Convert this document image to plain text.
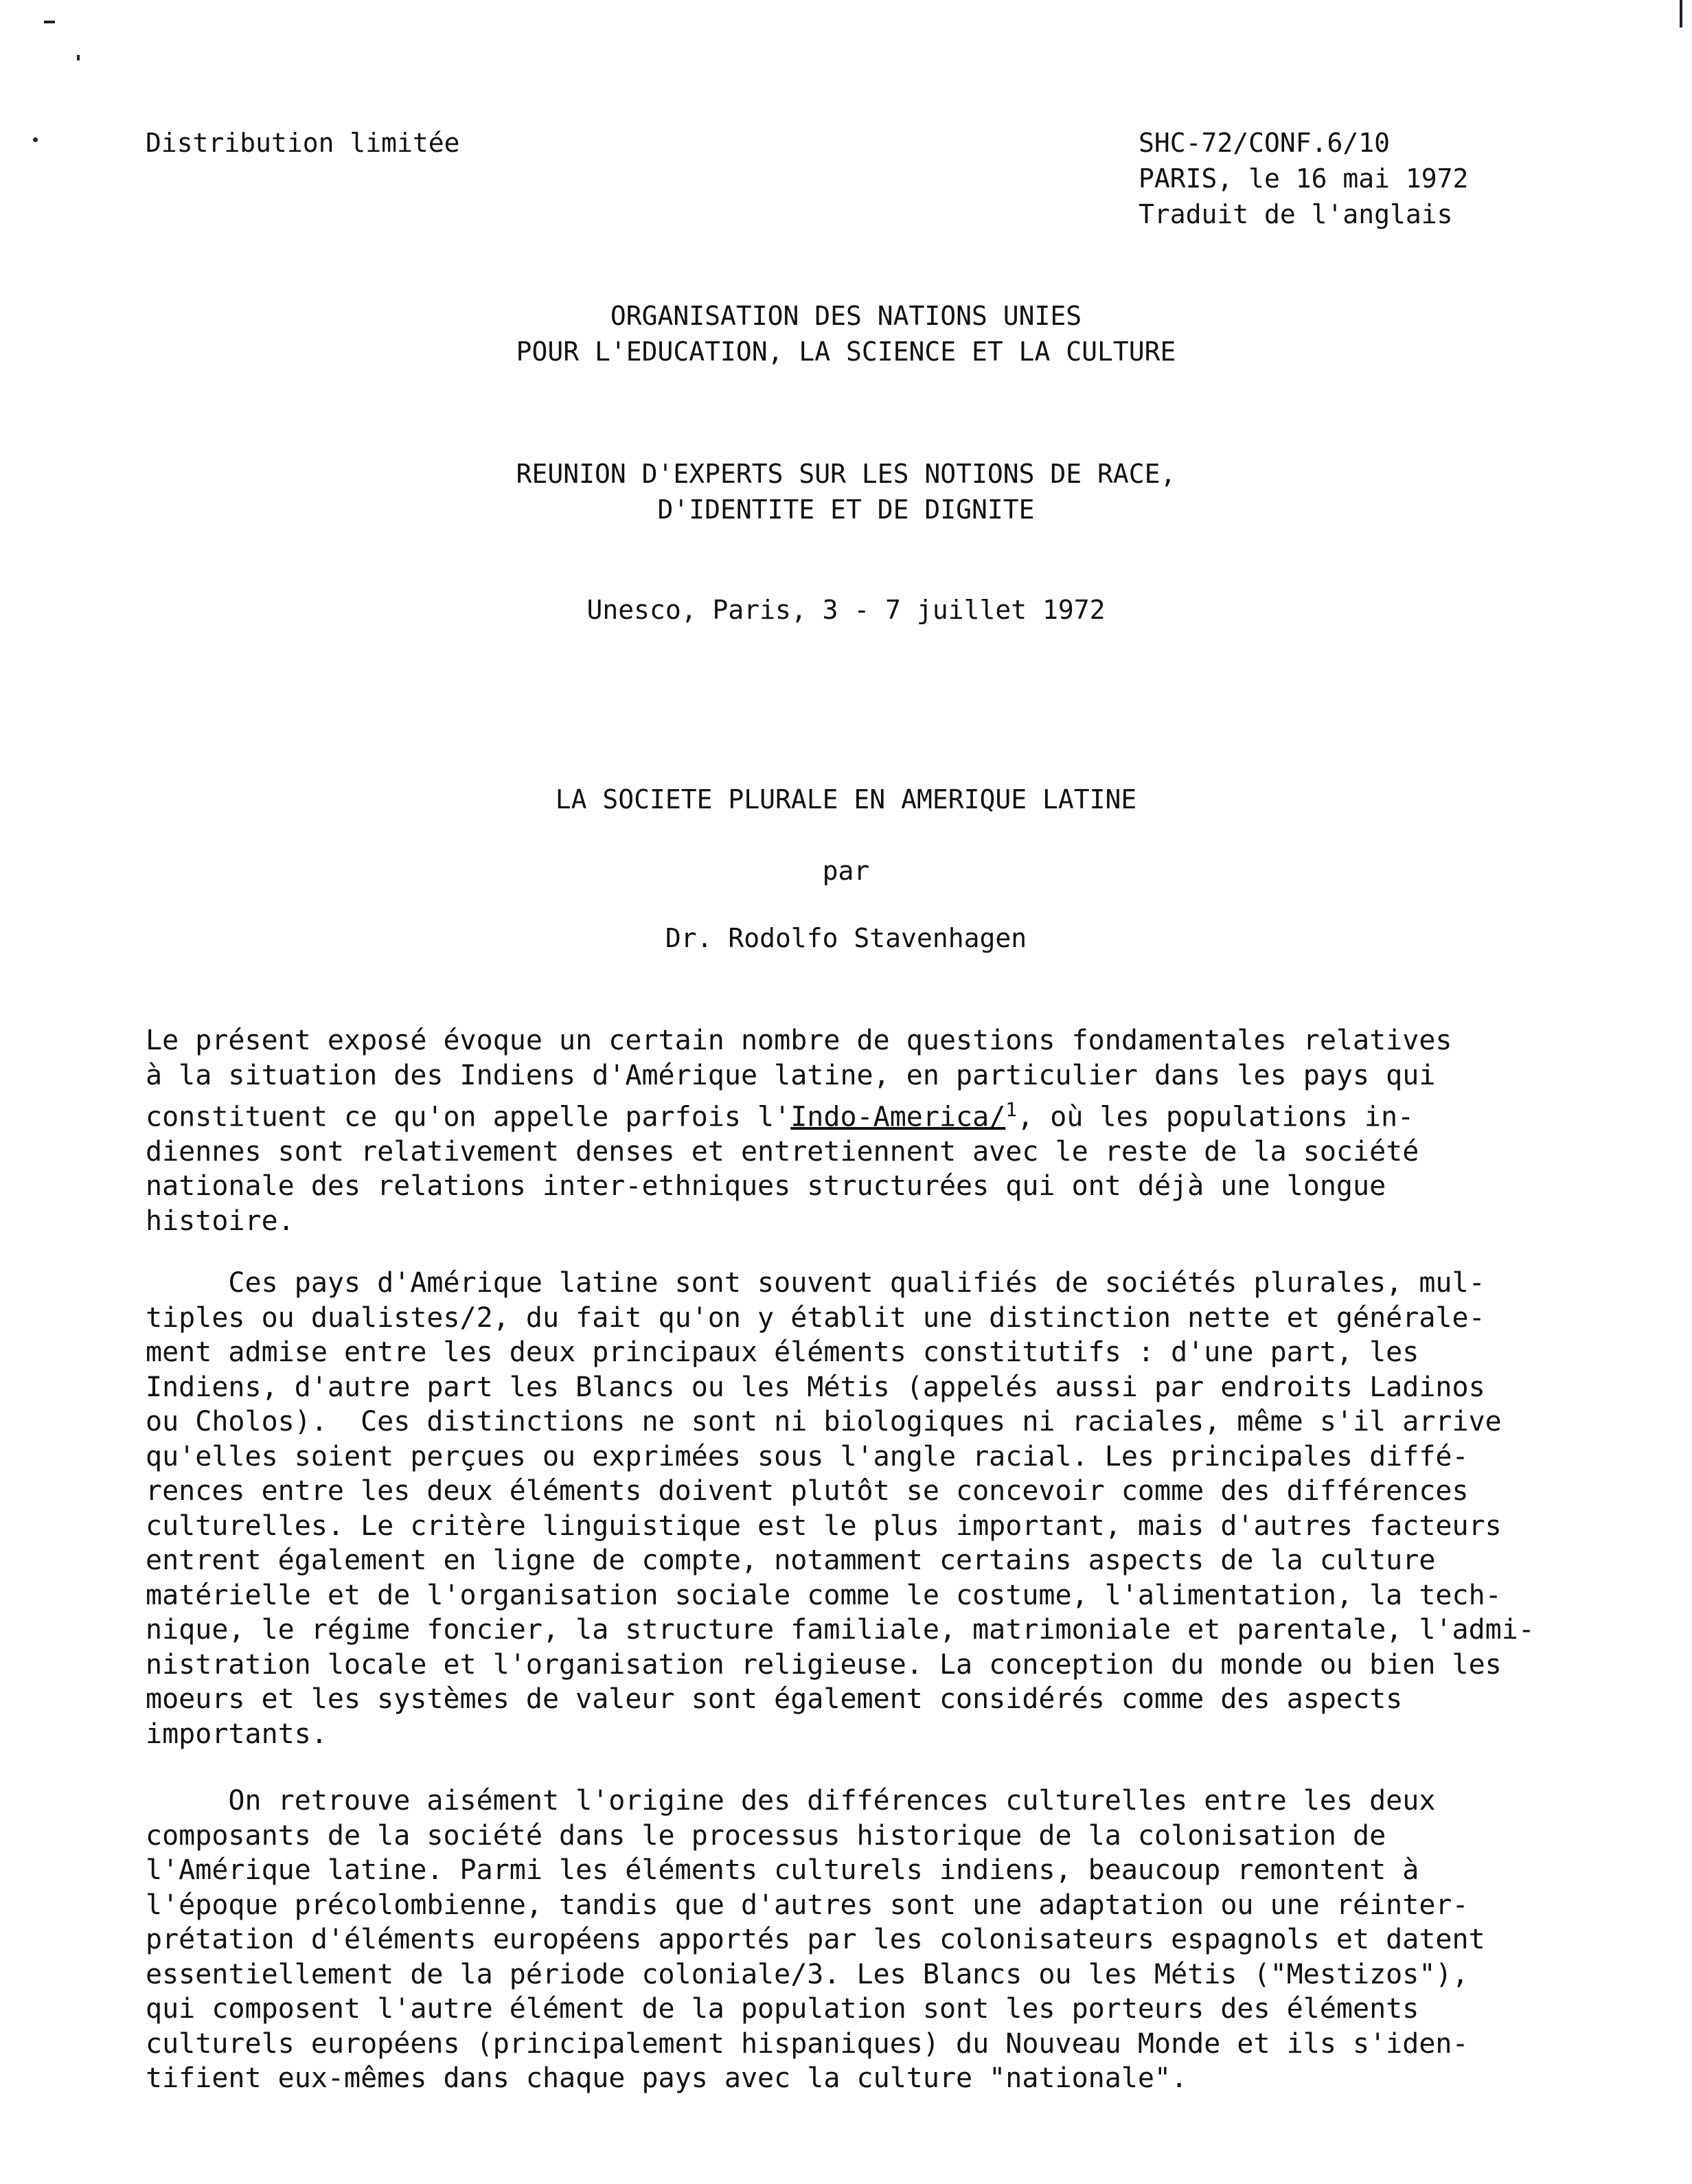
Distribution limitée	SHC-72/CONF.6/10
PARIS, le 16 mai 1972
Traduit de l'anglais
ORGANISATION DES NATIONS UNIES
POUR L'EDUCATION, LA SCIENCE ET LA CULTURE
REUNION D'EXPERTS SUR LES NOTIONS DE RACE,
D'IDENTITE ET DE DIGNITE
Unesco, Paris, 3 - 7 juillet 1972
LA SOCIETE PLURALE EN AMERIQUE LATINE
par
Dr. Rodolfo Stavenhagen
Le présent exposé évoque un certain nombre de questions fondamentales relatives
à la situation des Indiens d'Amérique latine, en particulier dans les pays qui
constituent ce qu'on appelle parfois l'Indo-America/$^1$, où les populations in-
diennes sont relativement denses et entretiennent avec le reste de la société
nationale des relations inter-ethniques structurées qui ont déjà une longue
histoire.
Ces pays d'Amérique latine sont souvent qualifiés de sociétés plurales, mul-
tiples ou dualistes/2, du fait qu'on y établit une distinction nette et générale-
ment admise entre les deux principaux éléments constitutifs : d'une part, les
Indiens, d'autre part les Blancs ou les Métis (appelés aussi par endroits Ladinos
ou Cholos).  Ces distinctions ne sont ni biologiques ni raciales, même s'il arrive
qu'elles soient perçues ou exprimées sous l'angle racial. Les principales diffé-
rences entre les deux éléments doivent plutôt se concevoir comme des différences
culturelles. Le critère linguistique est le plus important, mais d'autres facteurs
entrent également en ligne de compte, notamment certains aspects de la culture
matérielle et de l'organisation sociale comme le costume, l'alimentation, la tech-
nique, le régime foncier, la structure familiale, matrimoniale et parentale, l'admi-
nistration locale et l'organisation religieuse. La conception du monde ou bien les
moeurs et les systèmes de valeur sont également considérés comme des aspects
importants.
On retrouve aisément l'origine des différences culturelles entre les deux
composants de la société dans le processus historique de la colonisation de
l'Amérique latine. Parmi les éléments culturels indiens, beaucoup remontent à
l'époque précolombienne, tandis que d'autres sont une adaptation ou une réinter-
prétation d'éléments européens apportés par les colonisateurs espagnols et datent
essentiellement de la période coloniale/3. Les Blancs ou les Métis ("Mestizos"),
qui composent l'autre élément de la population sont les porteurs des éléments
culturels européens (principalement hispaniques) du Nouveau Monde et ils s'iden-
tifient eux-mêmes dans chaque pays avec la culture "nationale".
